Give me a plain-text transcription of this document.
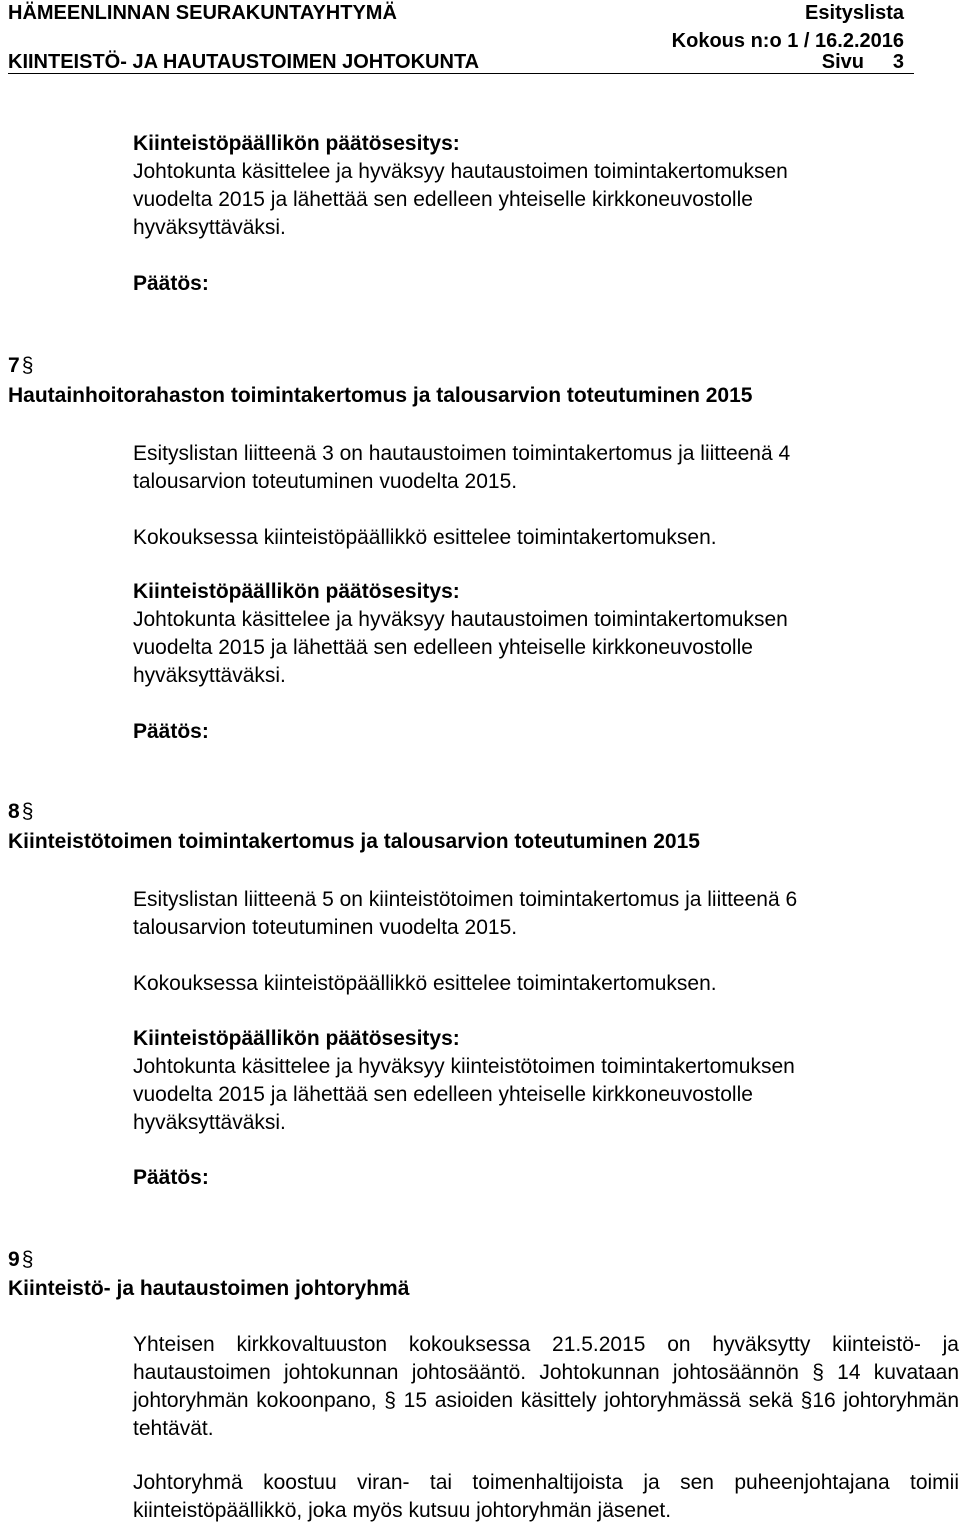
HÄMEENLINNAN SEURAKUNTAYHTYMÄ	Esityslista
Kokous n:o 1 / 16.2.2016
KIINTEISTÖ- JA HAUTAUSTOIMEN JOHTOKUNTA	Sivu 3
Kiinteistöpäällikön päätösesitys:
Johtokunta käsittelee ja hyväksyy hautaustoimen toimintakertomuksen
vuodelta 2015 ja lähettää sen edelleen yhteiselle kirkkoneuvostolle
hyväksyttäväksi.
Päätös:
7§
Hautainhoitorahaston toimintakertomus ja talousarvion toteutuminen 2015
Esityslistan liitteenä 3 on hautaustoimen toimintakertomus ja liitteenä 4
talousarvion toteutuminen vuodelta 2015.
Kokouksessa kiinteistöpäällikkö esittelee toimintakertomuksen.
Kiinteistöpäällikön päätösesitys:
Johtokunta käsittelee ja hyväksyy hautaustoimen toimintakertomuksen
vuodelta 2015 ja lähettää sen edelleen yhteiselle kirkkoneuvostolle
hyväksyttäväksi.
Päätös:
8§
Kiinteistötoimen toimintakertomus ja talousarvion toteutuminen 2015
Esityslistan liitteenä 5 on kiinteistötoimen toimintakertomus ja liitteenä 6
talousarvion toteutuminen vuodelta 2015.
Kokouksessa kiinteistöpäällikkö esittelee toimintakertomuksen.
Kiinteistöpäällikön päätösesitys:
Johtokunta käsittelee ja hyväksyy kiinteistötoimen toimintakertomuksen
vuodelta 2015 ja lähettää sen edelleen yhteiselle kirkkoneuvostolle
hyväksyttäväksi.
Päätös:
9§
Kiinteistö- ja hautaustoimen johtoryhmä
Yhteisen kirkkovaltuuston kokouksessa 21.5.2015 on hyväksytty kiinteistö- ja hautaustoimen johtokunnan johtosääntö. Johtokunnan johtosäännön § 14 kuvataan johtoryhmän kokoonpano, § 15 asioiden käsittely johtoryhmässä sekä §16 johtoryhmän tehtävät.
Johtoryhmä koostuu viran- tai toimenhaltijoista ja sen puheenjohtajana toimii kiinteistöpäällikkö, joka myös kutsuu johtoryhmän jäsenet.
